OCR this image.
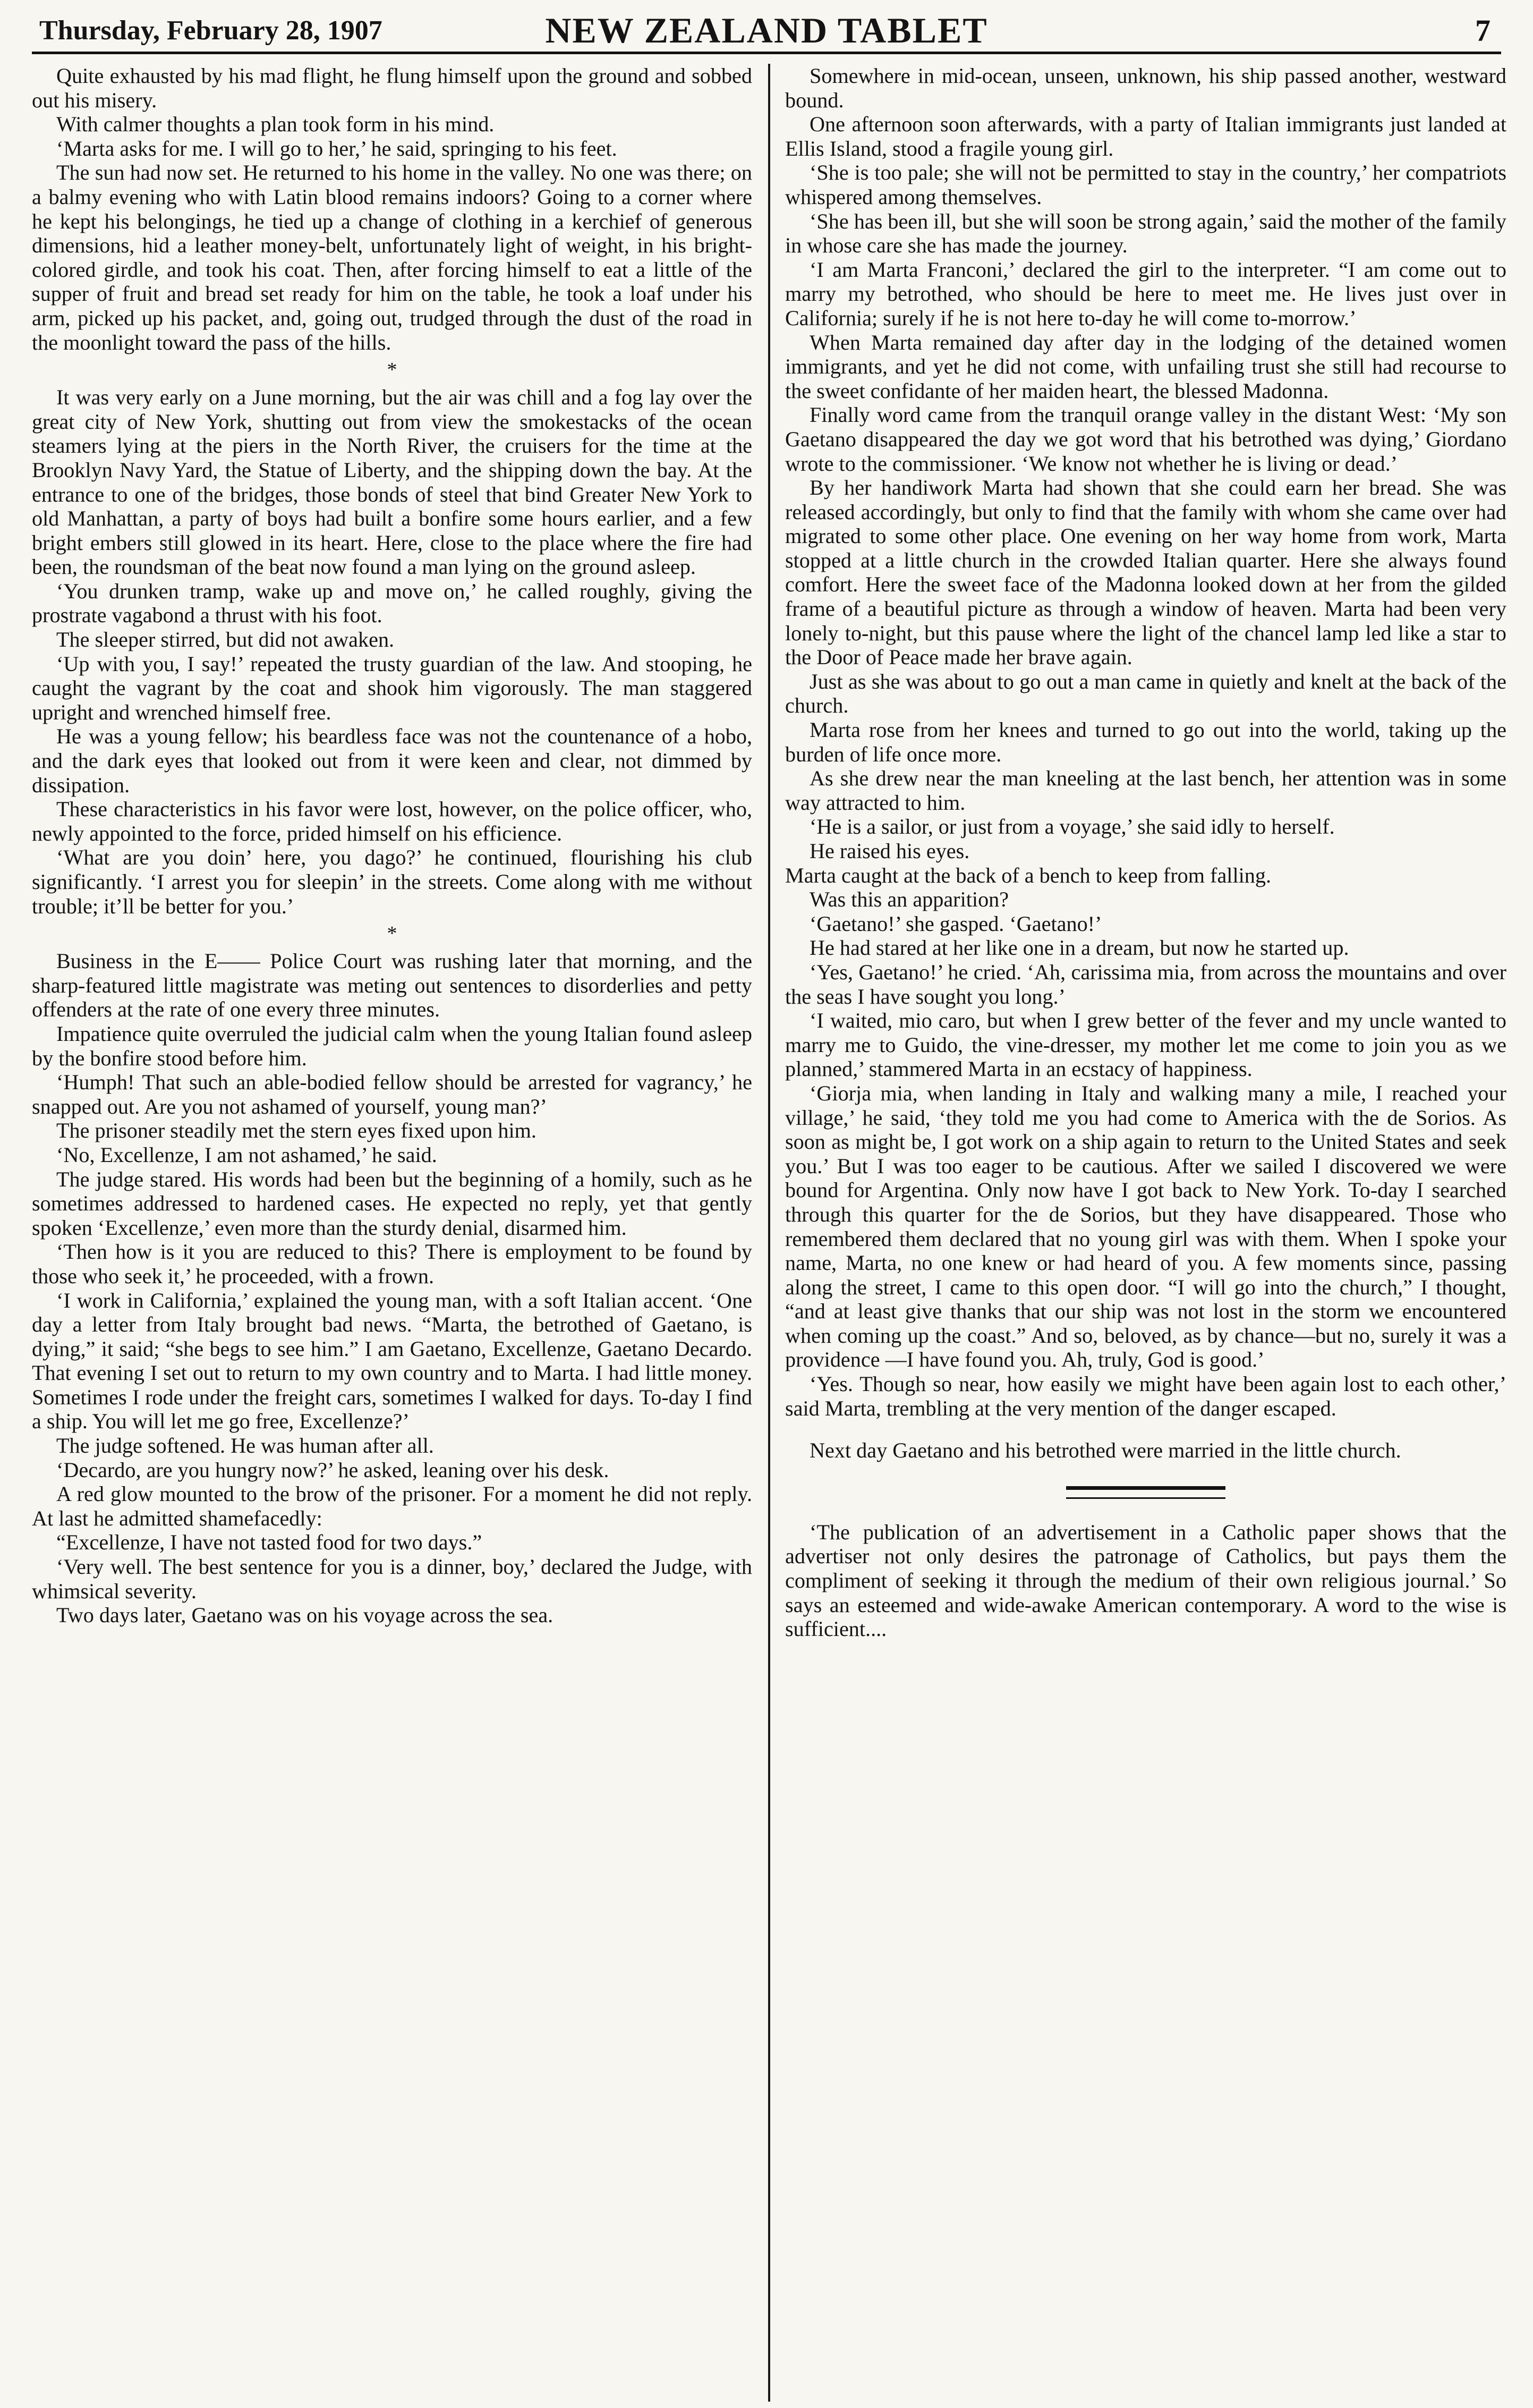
Thursday, February 28, 1907	NEW ZEALAND TABLET	7

Quite exhausted by his mad flight, he flung himself upon the ground and sobbed out his misery.

With calmer thoughts a plan took form in his mind.

‘Marta asks for me. I will go to her,’ he said, springing to his feet.

The sun had now set. He returned to his home in the valley. No one was there; on a balmy evening who with Latin blood remains indoors? Going to a corner where he kept his belongings, he tied up a change of clothing in a kerchief of generous dimensions, hid a leather money-belt, unfortunately light of weight, in his bright-colored girdle, and took his coat. Then, after forcing himself to eat a little of the supper of fruit and bread set ready for him on the table, he took a loaf under his arm, picked up his packet, and, going out, trudged through the dust of the road in the moonlight toward the pass of the hills.

*

It was very early on a June morning, but the air was chill and a fog lay over the great city of New York, shutting out from view the smokestacks of the ocean steamers lying at the piers in the North River, the cruisers for the time at the Brooklyn Navy Yard, the Statue of Liberty, and the shipping down the bay. At the entrance to one of the bridges, those bonds of steel that bind Greater New York to old Manhattan, a party of boys had built a bonfire some hours earlier, and a few bright embers still glowed in its heart. Here, close to the place where the fire had been, the roundsman of the beat now found a man lying on the ground asleep.

‘You drunken tramp, wake up and move on,’ he called roughly, giving the prostrate vagabond a thrust with his foot.

The sleeper stirred, but did not awaken.

‘Up with you, I say!’ repeated the trusty guardian of the law. And stooping, he caught the vagrant by the coat and shook him vigorously. The man staggered upright and wrenched himself free.

He was a young fellow; his beardless face was not the countenance of a hobo, and the dark eyes that looked out from it were keen and clear, not dimmed by dissipation.

These characteristics in his favor were lost, however, on the police officer, who, newly appointed to the force, prided himself on his efficience.

‘What are you doin’ here, you dago?’ he continued, flourishing his club significantly. ‘I arrest you for sleepin’ in the streets. Come along with me without trouble; it’ll be better for you.’

*

Business in the E—— Police Court was rushing later that morning, and the sharp-featured little magistrate was meting out sentences to disorderlies and petty offenders at the rate of one every three minutes.

Impatience quite overruled the judicial calm when the young Italian found asleep by the bonfire stood before him.

‘Humph! That such an able-bodied fellow should be arrested for vagrancy,’ he snapped out. Are you not ashamed of yourself, young man?’

The prisoner steadily met the stern eyes fixed upon him.

‘No, Excellenze, I am not ashamed,’ he said.

The judge stared. His words had been but the beginning of a homily, such as he sometimes addressed to hardened cases. He expected no reply, yet that gently spoken ‘Excellenze,’ even more than the sturdy denial, disarmed him.

‘Then how is it you are reduced to this? There is employment to be found by those who seek it,’ he proceeded, with a frown.

‘I work in California,’ explained the young man, with a soft Italian accent. ‘One day a letter from Italy brought bad news. “Marta, the betrothed of Gaetano, is dying,” it said; “she begs to see him.” I am Gaetano, Excellenze, Gaetano Decardo. That evening I set out to return to my own country and to Marta. I had little money. Sometimes I rode under the freight cars, sometimes I walked for days. To-day I find a ship. You will let me go free, Excellenze?’

The judge softened. He was human after all.

‘Decardo, are you hungry now?’ he asked, leaning over his desk.

A red glow mounted to the brow of the prisoner. For a moment he did not reply. At last he admitted shamefacedly:

“Excellenze, I have not tasted food for two days.”

‘Very well. The best sentence for you is a dinner, boy,’ declared the Judge, with whimsical severity.

Two days later, Gaetano was on his voyage across the sea.

Somewhere in mid-ocean, unseen, unknown, his ship passed another, westward bound.

One afternoon soon afterwards, with a party of Italian immigrants just landed at Ellis Island, stood a fragile young girl.

‘She is too pale; she will not be permitted to stay in the country,’ her compatriots whispered among themselves.

‘She has been ill, but she will soon be strong again,’ said the mother of the family in whose care she has made the journey.

‘I am Marta Franconi,’ declared the girl to the interpreter. “I am come out to marry my betrothed, who should be here to meet me. He lives just over in California; surely if he is not here to-day he will come to-morrow.’

When Marta remained day after day in the lodging of the detained women immigrants, and yet he did not come, with unfailing trust she still had recourse to the sweet confidante of her maiden heart, the blessed Madonna.

Finally word came from the tranquil orange valley in the distant West: ‘My son Gaetano disappeared the day we got word that his betrothed was dying,’ Giordano wrote to the commissioner. ‘We know not whether he is living or dead.’

By her handiwork Marta had shown that she could earn her bread. She was released accordingly, but only to find that the family with whom she came over had migrated to some other place. One evening on her way home from work, Marta stopped at a little church in the crowded Italian quarter. Here she always found comfort. Here the sweet face of the Madonna looked down at her from the gilded frame of a beautiful picture as through a window of heaven. Marta had been very lonely to-night, but this pause where the light of the chancel lamp led like a star to the Door of Peace made her brave again.

Just as she was about to go out a man came in quietly and knelt at the back of the church.

Marta rose from her knees and turned to go out into the world, taking up the burden of life once more.

As she drew near the man kneeling at the last bench, her attention was in some way attracted to him.

‘He is a sailor, or just from a voyage,’ she said idly to herself.

He raised his eyes.

Marta caught at the back of a bench to keep from falling.

Was this an apparition?

‘Gaetano!’ she gasped. ‘Gaetano!’

He had stared at her like one in a dream, but now he started up.

‘Yes, Gaetano!’ he cried. ‘Ah, carissima mia, from across the mountains and over the seas I have sought you long.’

‘I waited, mio caro, but when I grew better of the fever and my uncle wanted to marry me to Guido, the vine-dresser, my mother let me come to join you as we planned,’ stammered Marta in an ecstacy of happiness.

‘Giorja mia, when landing in Italy and walking many a mile, I reached your village,’ he said, ‘they told me you had come to America with the de Sorios. As soon as might be, I got work on a ship again to return to the United States and seek you.’ But I was too eager to be cautious. After we sailed I discovered we were bound for Argentina. Only now have I got back to New York. To-day I searched through this quarter for the de Sorios, but they have disappeared. Those who remembered them declared that no young girl was with them. When I spoke your name, Marta, no one knew or had heard of you. A few moments since, passing along the street, I came to this open door. “I will go into the church,” I thought, “and at least give thanks that our ship was not lost in the storm we encountered when coming up the coast.” And so, beloved, as by chance—but no, surely it was a providence —I have found you. Ah, truly, God is good.’

‘Yes. Though so near, how easily we might have been again lost to each other,’ said Marta, trembling at the very mention of the danger escaped.

Next day Gaetano and his betrothed were married in the little church.

‘The publication of an advertisement in a Catholic paper shows that the advertiser not only desires the patronage of Catholics, but pays them the compliment of seeking it through the medium of their own religious journal.’ So says an esteemed and wide-awake American contemporary. A word to the wise is sufficient....
